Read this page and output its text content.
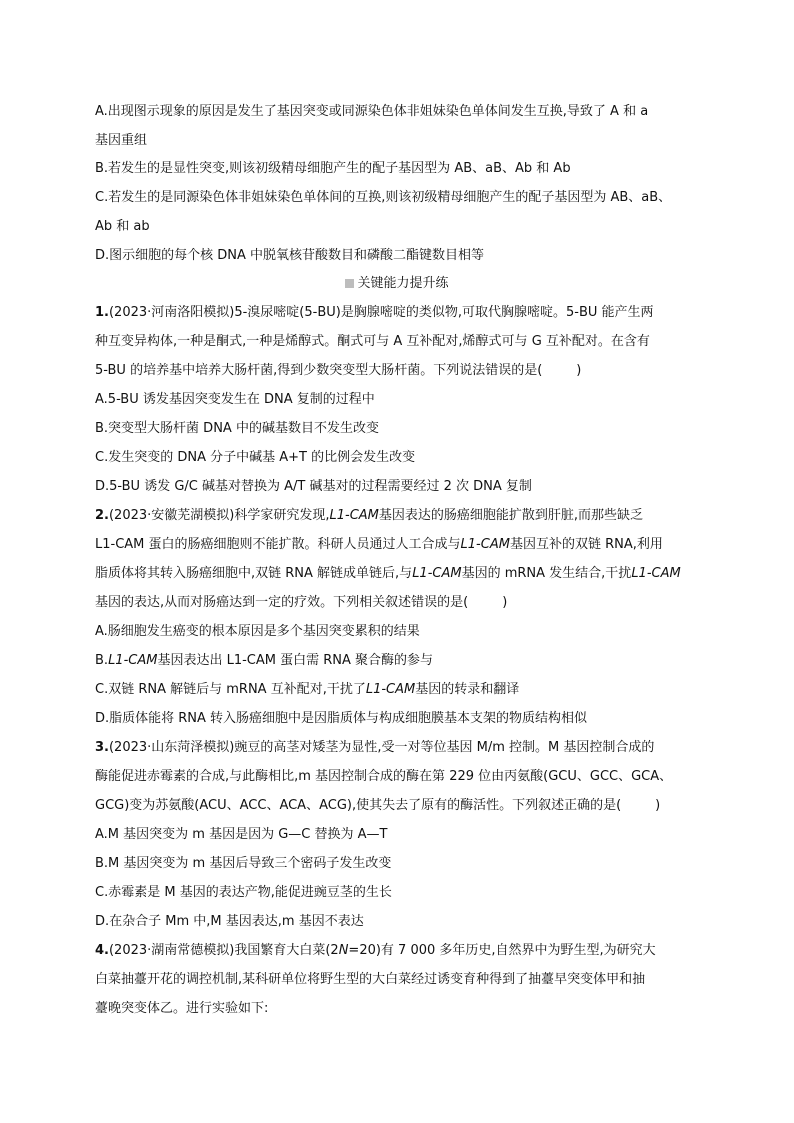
A.出现图示现象的原因是发生了基因突变或同源染色体非姐妹染色单体间发生互换,导致了 A 和 a
基因重组
B.若发生的是显性突变,则该初级精母细胞产生的配子基因型为 AB、aB、Ab 和 Ab
C.若发生的是同源染色体非姐妹染色单体间的互换,则该初级精母细胞产生的配子基因型为 AB、aB、
Ab 和 ab
D.图示细胞的每个核 DNA 中脱氧核苷酸数目和磷酸二酯键数目相等
关键能力提升练
1.(2023·河南洛阳模拟)5-溴尿嘧啶(5-BU)是胸腺嘧啶的类似物,可取代胸腺嘧啶。5-BU 能产生两
种互变异构体,一种是酮式,一种是烯醇式。酮式可与 A 互补配对,烯醇式可与 G 互补配对。在含有
5-BU 的培养基中培养大肠杆菌,得到少数突变型大肠杆菌。下列说法错误的是(	)
A.5-BU 诱发基因突变发生在 DNA 复制的过程中
B.突变型大肠杆菌 DNA 中的碱基数目不发生改变
C.发生突变的 DNA 分子中碱基 A+T 的比例会发生改变
D.5-BU 诱发 G/C 碱基对替换为 A/T 碱基对的过程需要经过 2 次 DNA 复制
2.(2023·安徽芜湖模拟)科学家研究发现,L1-CAM基因表达的肠癌细胞能扩散到肝脏,而那些缺乏
L1-CAM 蛋白的肠癌细胞则不能扩散。科研人员通过人工合成与L1-CAM基因互补的双链 RNA,利用
脂质体将其转入肠癌细胞中,双链 RNA 解链成单链后,与L1-CAM基因的 mRNA 发生结合,干扰L1-CAM
基因的表达,从而对肠癌达到一定的疗效。下列相关叙述错误的是(	)
A.肠细胞发生癌变的根本原因是多个基因突变累积的结果
B.L1-CAM基因表达出 L1-CAM 蛋白需 RNA 聚合酶的参与
C.双链 RNA 解链后与 mRNA 互补配对,干扰了L1-CAM基因的转录和翻译
D.脂质体能将 RNA 转入肠癌细胞中是因脂质体与构成细胞膜基本支架的物质结构相似
3.(2023·山东菏泽模拟)豌豆的高茎对矮茎为显性,受一对等位基因 M/m 控制。M 基因控制合成的
酶能促进赤霉素的合成,与此酶相比,m 基因控制合成的酶在第 229 位由丙氨酸(GCU、GCC、GCA、
GCG)变为苏氨酸(ACU、ACC、ACA、ACG),使其失去了原有的酶活性。下列叙述正确的是(	)
A.M 基因突变为 m 基因是因为 G—C 替换为 A—T
B.M 基因突变为 m 基因后导致三个密码子发生改变
C.赤霉素是 M 基因的表达产物,能促进豌豆茎的生长
D.在杂合子 Mm 中,M 基因表达,m 基因不表达
4.(2023·湖南常德模拟)我国繁育大白菜(2N=20)有 7 000 多年历史,自然界中为野生型,为研究大
白菜抽薹开花的调控机制,某科研单位将野生型的大白菜经过诱变育种得到了抽薹早突变体甲和抽
薹晚突变体乙。进行实验如下:
